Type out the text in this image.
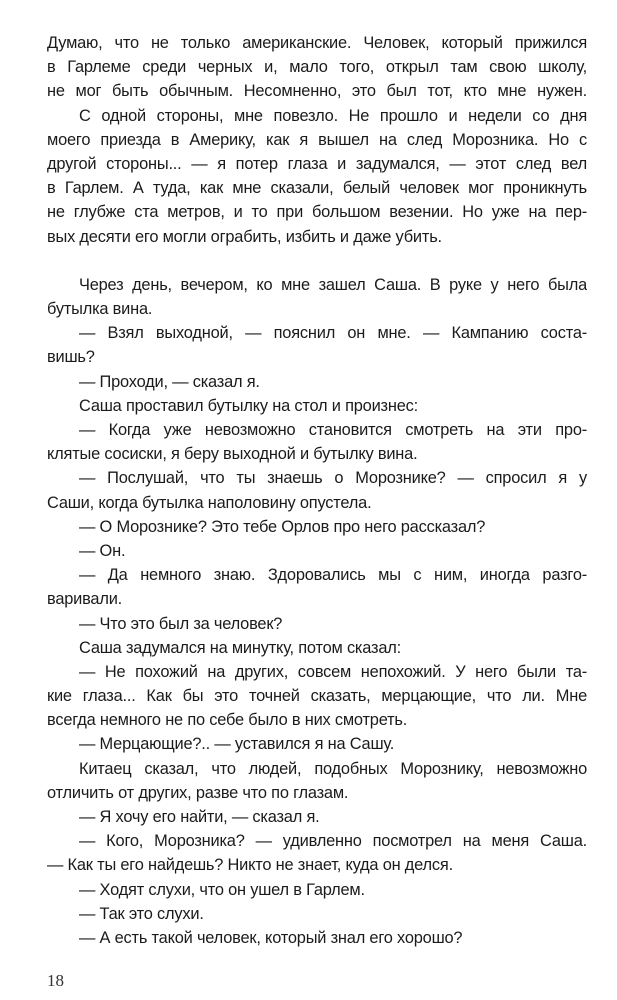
Думаю, что не только американские. Человек, который прижился
в Гарлеме среди черных и, мало того, открыл там свою школу,
не мог быть обычным. Несомненно, это был тот, кто мне нужен.
С одной стороны, мне повезло. Не прошло и недели со дня
моего приезда в Америку, как я вышел на след Морозника. Но с
другой стороны... — я потер глаза и задумался, — этот след вел
в Гарлем. А туда, как мне сказали, белый человек мог проникнуть
не глубже ста метров, и то при большом везении. Но уже на пер-
вых десяти его могли ограбить, избить и даже убить.
Через день, вечером, ко мне зашел Саша. В руке у него была
бутылка вина.
— Взял выходной, — пояснил он мне. — Кампанию соста-
вишь?
— Проходи, — сказал я.
Саша проставил бутылку на стол и произнес:
— Когда уже невозможно становится смотреть на эти про-
клятые сосиски, я беру выходной и бутылку вина.
— Послушай, что ты знаешь о Морознике? — спросил я у
Саши, когда бутылка наполовину опустела.
— О Морознике? Это тебе Орлов про него рассказал?
— Он.
— Да немного знаю. Здоровались мы с ним, иногда разго-
варивали.
— Что это был за человек?
Саша задумался на минутку, потом сказал:
— Не похожий на других, совсем непохожий. У него были та-
кие глаза... Как бы это точней сказать, мерцающие, что ли. Мне
всегда немного не по себе было в них смотреть.
— Мерцающие?.. — уставился я на Сашу.
Китаец сказал, что людей, подобных Морознику, невозможно
отличить от других, разве что по глазам.
— Я хочу его найти, — сказал я.
— Кого, Морозника? — удивленно посмотрел на меня Саша.
— Как ты его найдешь? Никто не знает, куда он делся.
— Ходят слухи, что он ушел в Гарлем.
— Так это слухи.
— А есть такой человек, который знал его хорошо?
18
